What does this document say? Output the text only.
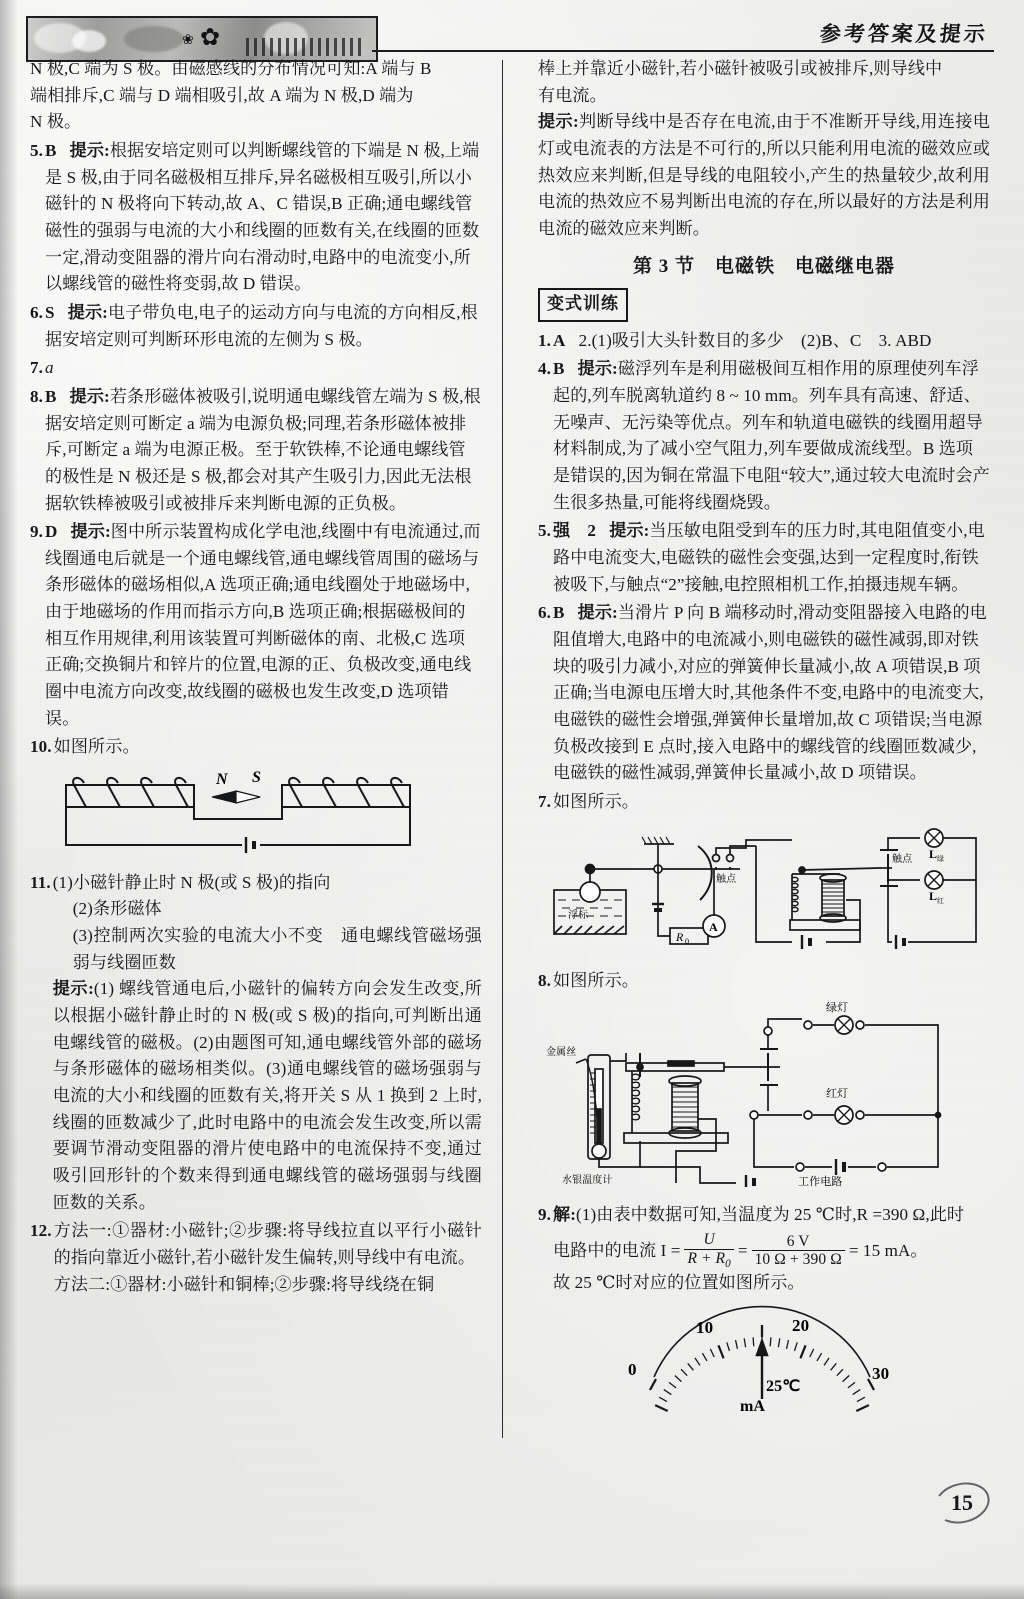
❀ ✿	参考答案及提示

N 极,C 端为 S 极。由磁感线的分布情况可知:A 端与 B

端相排斥,C 端与 D 端相吸引,故 A 端为 N 极,D 端为

N 极。

5. B 提示:根据安培定则可以判断螺线管的下端是 N 极,上端是 S 极,由于同名磁极相互排斥,异名磁极相互吸引,所以小磁针的 N 极将向下转动,故 A、C 错误,B 正确;通电螺线管磁性的强弱与电流的大小和线圈的匝数有关,在线圈的匝数一定,滑动变阻器的滑片向右滑动时,电路中的电流变小,所以螺线管的磁性将变弱,故 D 错误。
6. S 提示:电子带负电,电子的运动方向与电流的方向相反,根据安培定则可判断环形电流的左侧为 S 极。
7. a
8. B 提示:若条形磁体被吸引,说明通电螺线管左端为 S 极,根据安培定则可断定 a 端为电源负极;同理,若条形磁体被排斥,可断定 a 端为电源正极。至于软铁棒,不论通电螺线管的极性是 N 极还是 S 极,都会对其产生吸引力,因此无法根据软铁棒被吸引或被排斥来判断电源的正负极。
9. D 提示:图中所示装置构成化学电池,线圈中有电流通过,而线圈通电后就是一个通电螺线管,通电螺线管周围的磁场与条形磁体的磁场相似,A 选项正确;通电线圈处于地磁场中,由于地磁场的作用而指示方向,B 选项正确;根据磁极间的相互作用规律,利用该装置可判断磁体的南、北极,C 选项正确;交换铜片和锌片的位置,电源的正、负极改变,通电线圈中电流方向改变,故线圈的磁极也发生改变,D 选项错误。
10. 如图所示。
N S
11. (1)小磁针静止时 N 极(或 S 极)的指向

(2)条形磁体

(3)控制两次实验的电流大小不变　通电螺线管磁场强弱与线圈匝数

提示:(1) 螺线管通电后,小磁针的偏转方向会发生改变,所以根据小磁针静止时的 N 极(或 S 极)的指向,可判断出通电螺线管的磁极。(2)由题图可知,通电螺线管外部的磁场与条形磁体的磁场相类似。(3)通电螺线管的磁场强弱与电流的大小和线圈的匝数有关,将开关 S 从 1 换到 2 上时,线圈的匝数减少了,此时电路中的电流会发生改变,所以需要调节滑动变阻器的滑片使电路中的电流保持不变,通过吸引回形针的个数来得到通电螺线管的磁场强弱与线圈匝数的关系。

12. 方法一:①器材:小磁针;②步骤:将导线拉直以平行小磁针的指向靠近小磁针,若小磁针发生偏转,则导线中有电流。

方法二:①器材:小磁针和铜棒;②步骤:将导线绕在铜

棒上并靠近小磁针,若小磁针被吸引或被排斥,则导线中

有电流。

提示:判断导线中是否存在电流,由于不准断开导线,用连接电灯或电流表的方法是不可行的,所以只能利用电流的磁效应或热效应来判断,但是导线的电阻较小,产生的热量较少,故利用电流的热效应不易判断出电流的存在,所以最好的方法是利用电流的磁效应来判断。

第 3 节　电磁铁　电磁继电器
变式训练
1. A 2.(1)吸引大头针数目的多少　(2)B、C　3. ABD
4. B 提示:磁浮列车是利用磁极间互相作用的原理使列车浮起的,列车脱离轨道约 8 ~ 10 mm。列车具有高速、舒适、无噪声、无污染等优点。列车和轨道电磁铁的线圈用超导材料制成,为了减小空气阻力,列车要做成流线型。B 选项是错误的,因为铜在常温下电阻“较大”,通过较大电流时会产生很多热量,可能将线圈烧毁。
5. 强　2 提示:当压敏电阻受到车的压力时,其电阻值变小,电路中电流变大,电磁铁的磁性会变强,达到一定程度时,衔铁被吸下,与触点“2”接触,电控照相机工作,拍摄违规车辆。
6. B 提示:当滑片 P 向 B 端移动时,滑动变阻器接入电路的电阻值增大,电路中的电流减小,则电磁铁的磁性减弱,即对铁块的吸引力减小,对应的弹簧伸长量减小,故 A 项错误,B 项正确;当电源电压增大时,其他条件不变,电路中的电流变大,电磁铁的磁性会增强,弹簧伸长量增加,故 C 项错误;当电源负极改接到 E 点时,接入电路中的螺线管的线圈匝数减少,电磁铁的磁性减弱,弹簧伸长量减小,故 D 项错误。
7. 如图所示。
浮标
触点
触点
R 0
A
L 绿
L 红
8. 如图所示。
金属丝
水银温度计
绿灯
红灯
工作电路
9. 解:(1)由表中数据可知,当温度为 25 ℃时,R =390 Ω,此时
电路中的电流 $I = \frac{U}{R + R_0} = \frac{6 V}{10 \Omega + 390 \Omega} = 15$ mA。

故 25 ℃时对应的位置如图所示。

0
10	20
30
25℃
mA
15
